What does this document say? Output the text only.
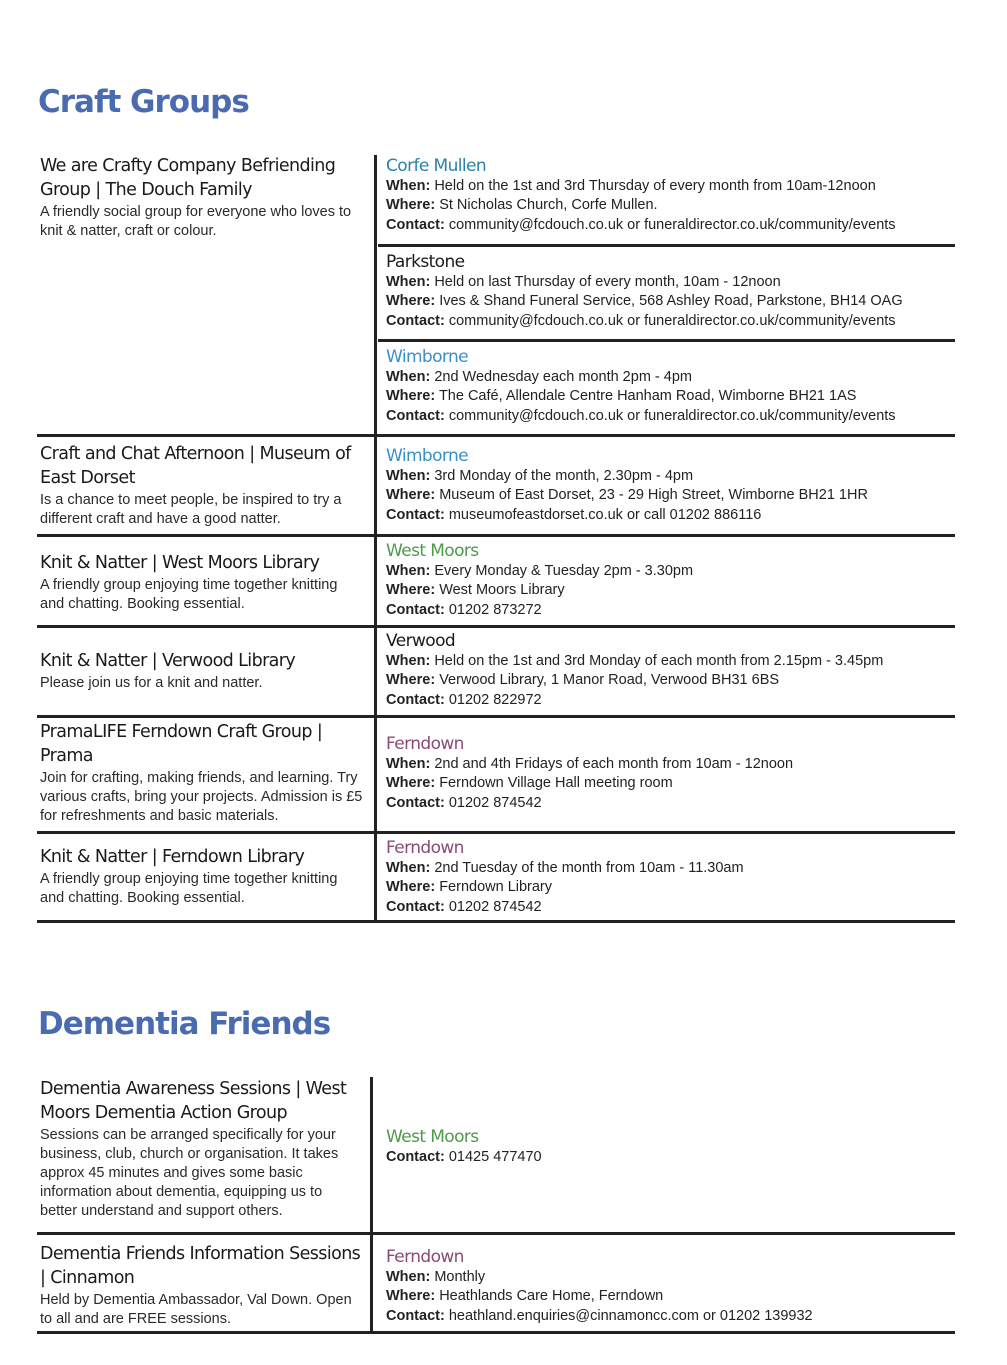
Craft Groups
We are Crafty Company Befriending Group | The Douch Family
A friendly social group for everyone who loves to knit & natter, craft or colour.
Craft and Chat Afternoon | Museum of East Dorset
Is a chance to meet people, be inspired to try a different craft and have a good natter.
Knit & Natter | West Moors Library
A friendly group enjoying time together knitting and chatting. Booking essential.
Knit & Natter | Verwood Library
Please join us for a knit and natter.
PramaLIFE Ferndown Craft Group | Prama
Join for crafting, making friends, and learning. Try various crafts, bring your projects. Admission is £5 for refreshments and basic materials.
Knit & Natter | Ferndown Library
A friendly group enjoying time together knitting and chatting. Booking essential.
Corfe Mullen
When: Held on the 1st and 3rd Thursday of every month from 10am-12noon
Where: St Nicholas Church, Corfe Mullen.
Contact: community@fcdouch.co.uk or funeraldirector.co.uk/community/events
Parkstone
When: Held on last Thursday of every month, 10am - 12noon
Where: Ives & Shand Funeral Service, 568 Ashley Road, Parkstone, BH14 OAG
Contact: community@fcdouch.co.uk or funeraldirector.co.uk/community/events
Wimborne
When: 2nd Wednesday each month 2pm - 4pm
Where: The Café, Allendale Centre Hanham Road, Wimborne BH21 1AS
Contact: community@fcdouch.co.uk or funeraldirector.co.uk/community/events
Wimborne
When: 3rd Monday of the month, 2.30pm - 4pm
Where: Museum of East Dorset, 23 - 29 High Street, Wimborne BH21 1HR
Contact: museumofeastdorset.co.uk or call 01202 886116
West Moors
When: Every Monday & Tuesday 2pm - 3.30pm
Where: West Moors Library
Contact: 01202 873272
Verwood
When: Held on the 1st and 3rd Monday of each month from 2.15pm - 3.45pm
Where: Verwood Library, 1 Manor Road, Verwood BH31 6BS
Contact: 01202 822972
Ferndown
When: 2nd and 4th Fridays of each month from 10am - 12noon
Where: Ferndown Village Hall meeting room
Contact: 01202 874542
Ferndown
When: 2nd Tuesday of the month from 10am - 11.30am
Where: Ferndown Library
Contact: 01202 874542
Dementia Friends
Dementia Awareness Sessions | West Moors Dementia Action Group
Sessions can be arranged specifically for your business, club, church or organisation. It takes approx 45 minutes and gives some basic information about dementia, equipping us to better understand and support others.
Dementia Friends Information Sessions | Cinnamon
Held by Dementia Ambassador, Val Down. Open to all and are FREE sessions.
West Moors
Contact: 01425 477470
Ferndown
When: Monthly
Where: Heathlands Care Home, Ferndown
Contact: heathland.enquiries@cinnamoncc.com or 01202 139932
